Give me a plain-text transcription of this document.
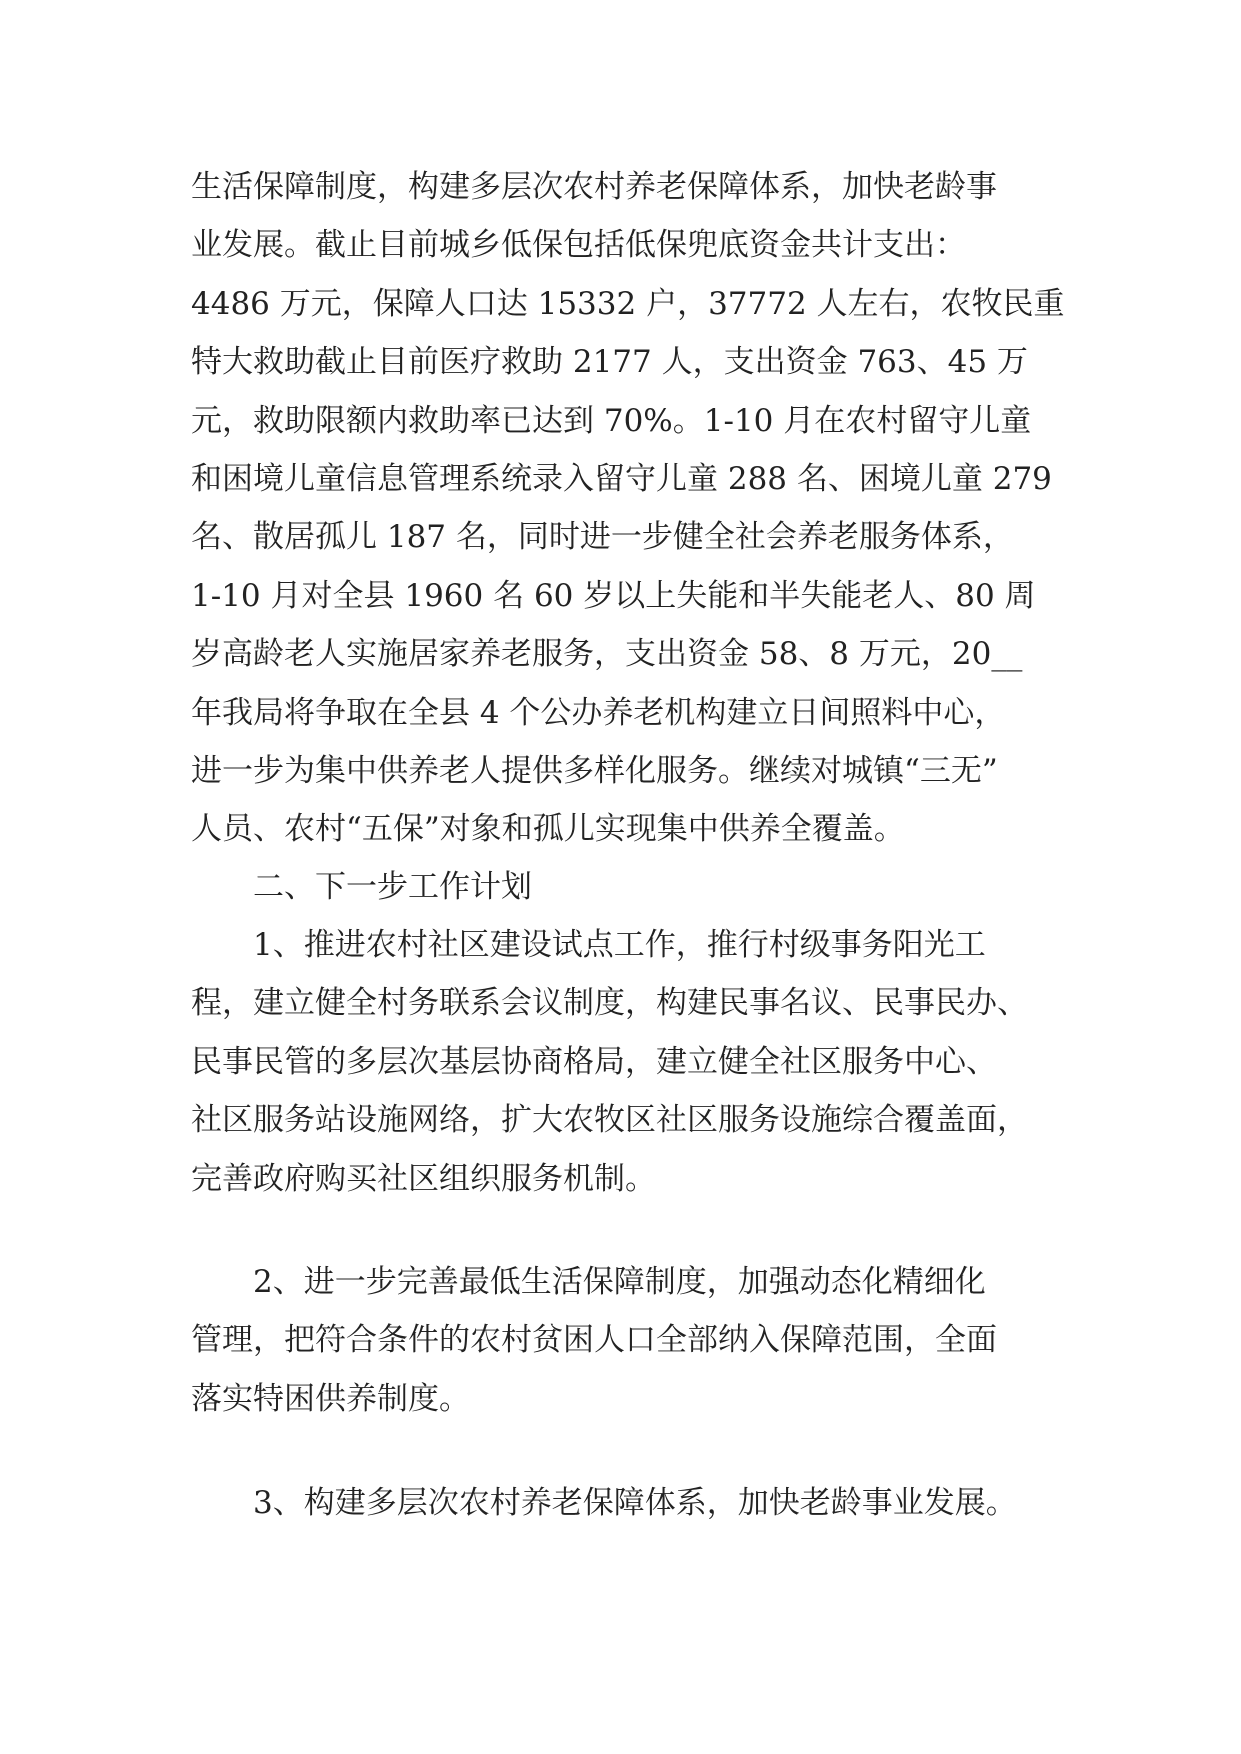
生活保障制度，构建多层次农村养老保障体系，加快老龄事
业发展。截止目前城乡低保包括低保兜底资金共计支出：
4486 万元，保障人口达 15332 户，37772 人左右，农牧民重
特大救助截止目前医疗救助 2177 人，支出资金 763、45 万
元，救助限额内救助率已达到 70%。1-10 月在农村留守儿童
和困境儿童信息管理系统录入留守儿童 288 名、困境儿童 279
名、散居孤儿 187 名，同时进一步健全社会养老服务体系，
1-10 月对全县 1960 名 60 岁以上失能和半失能老人、80 周
岁高龄老人实施居家养老服务，支出资金 58、8 万元，20__
年我局将争取在全县 4 个公办养老机构建立日间照料中心，
进一步为集中供养老人提供多样化服务。继续对城镇“三无”
人员、农村“五保”对象和孤儿实现集中供养全覆盖。
二、下一步工作计划
1、推进农村社区建设试点工作，推行村级事务阳光工
程，建立健全村务联系会议制度，构建民事名议、民事民办、
民事民管的多层次基层协商格局，建立健全社区服务中心、
社区服务站设施网络，扩大农牧区社区服务设施综合覆盖面，
完善政府购买社区组织服务机制。
2、进一步完善最低生活保障制度，加强动态化精细化
管理，把符合条件的农村贫困人口全部纳入保障范围，全面
落实特困供养制度。
3、构建多层次农村养老保障体系，加快老龄事业发展。
